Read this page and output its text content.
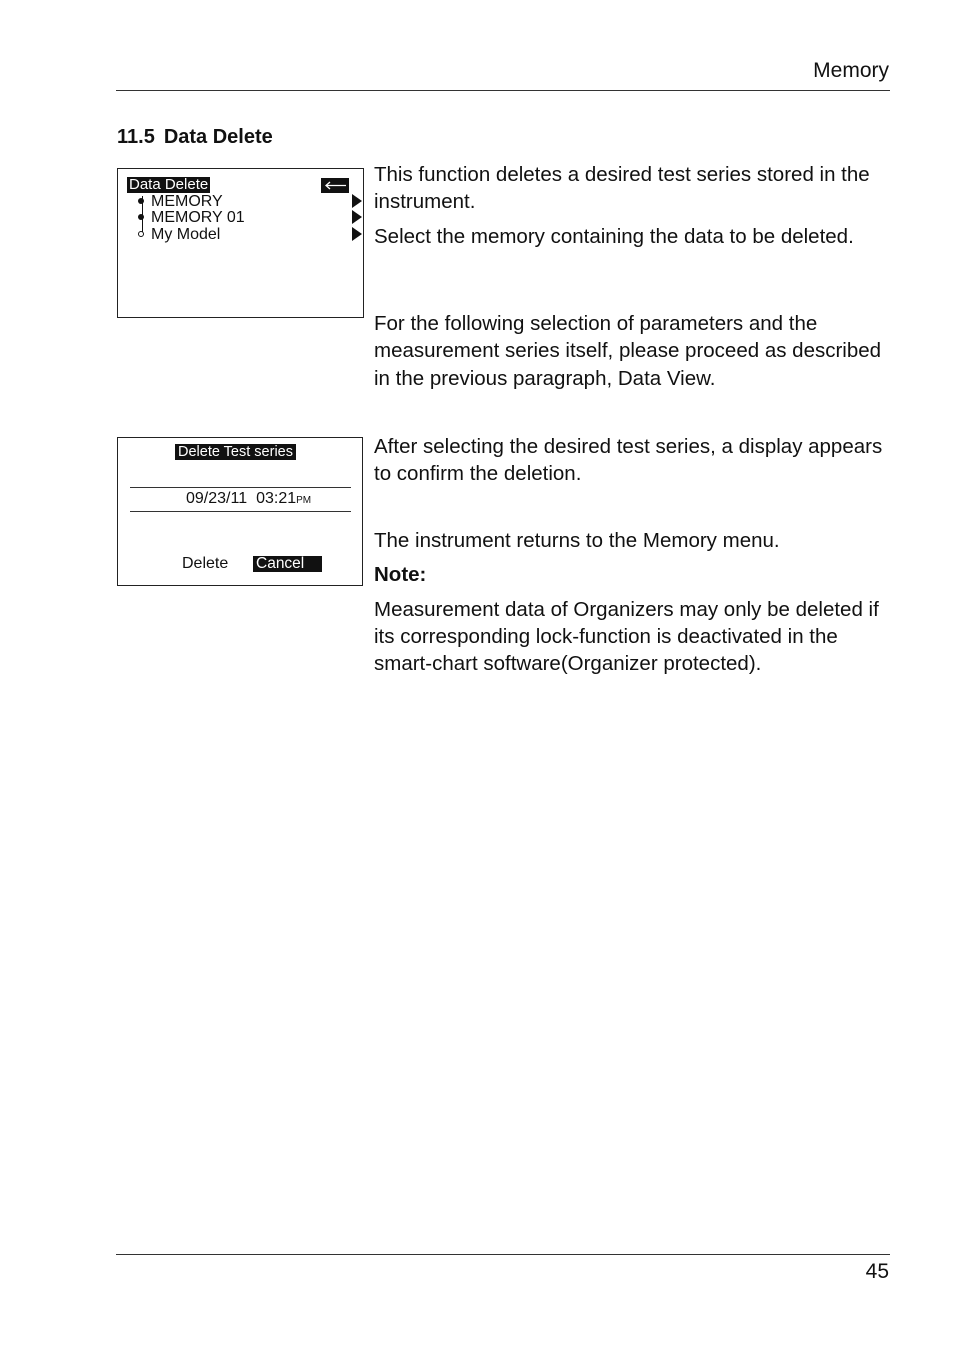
Memory
11.5 Data Delete
Data Delete
MEMORY
MEMORY 01
My Model

This function deletes a desired test series stored in the instrument.

Select the memory containing the data to be deleted.

For the following selection of parameters and the measurement series itself, please proceed as described in the previous paragraph, Data View.

Delete Test series
09/23/11 03:21PM
Delete Cancel

After selecting the desired test series, a display appears to confirm the deletion.

The instrument returns to the Memory menu.

Note:

Measurement data of Organizers may only be deleted if its corresponding lock-function is deactivated in the smart-chart software(Organizer protected).

45
